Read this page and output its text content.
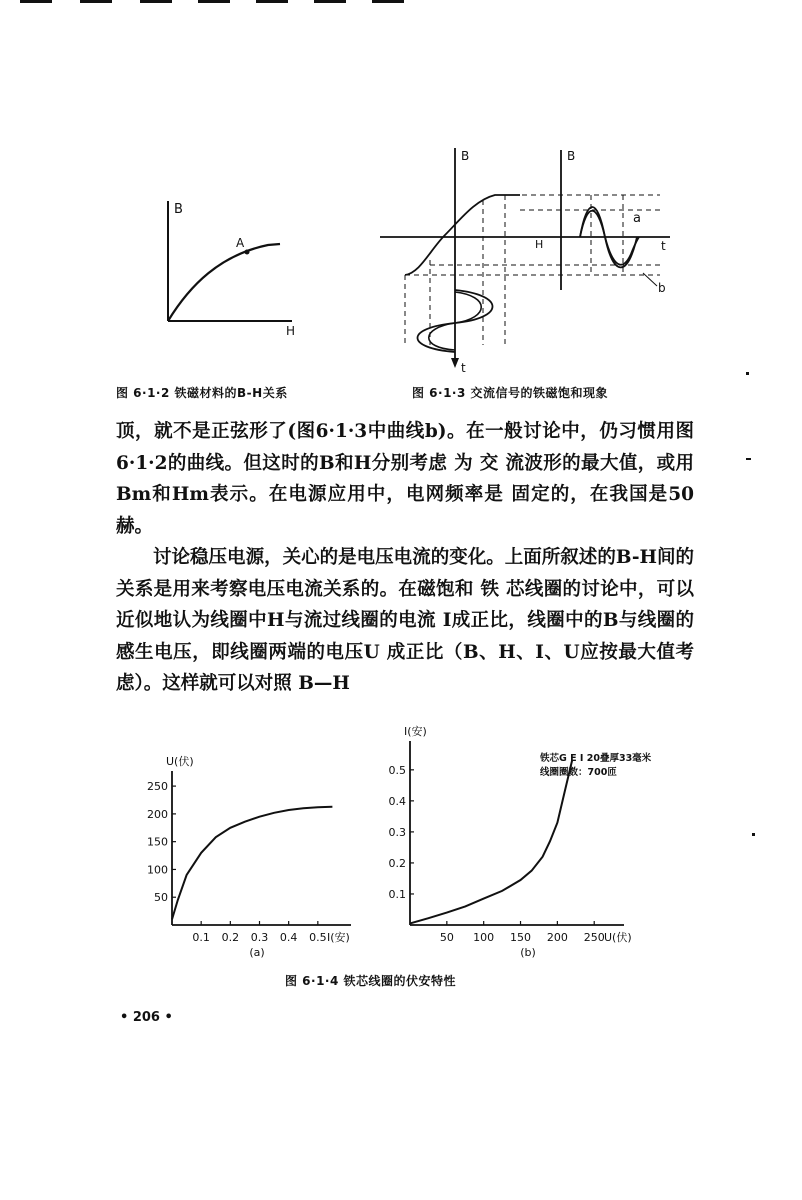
B
H
A
图 6·1·2 铁磁材料的B-H关系
B	B
H	t
t
a
b
图 6·1·3 交流信号的铁磁饱和现象

顶，就不是正弦形了(图6·1·3中曲线b)。在一般讨论中，仍习惯用图6·1·2的曲线。但这时的B和H分别考虑 为 交 流波形的最大值，或用Bm和Hm表示。在电源应用中，电网频率是 固定的，在我国是50赫。

讨论稳压电源，关心的是电压电流的变化。上面所叙述的B-H间的关系是用来考察电压电流关系的。在磁饱和 铁 芯线圈的讨论中，可以近似地认为线圈中H与流过线圈的电流 I成正比，线圈中的B与线圈的感生电压，即线圈两端的电压U 成正比（B、H、I、U应按最大值考虑）。这样就可以对照 B—H

0.1 0.2 0.3 0.4 0.5
50
100
150
200
250
U(伏)
I(安)
(a)
50 100 150 200 250
0.1
0.2
0.3
0.4
0.5
I(安)
U(伏)
(b)
铁芯G E I 20叠厚33毫米
线圈圈数：700匝
图 6·1·4 铁芯线圈的伏安特性
• 206 •
